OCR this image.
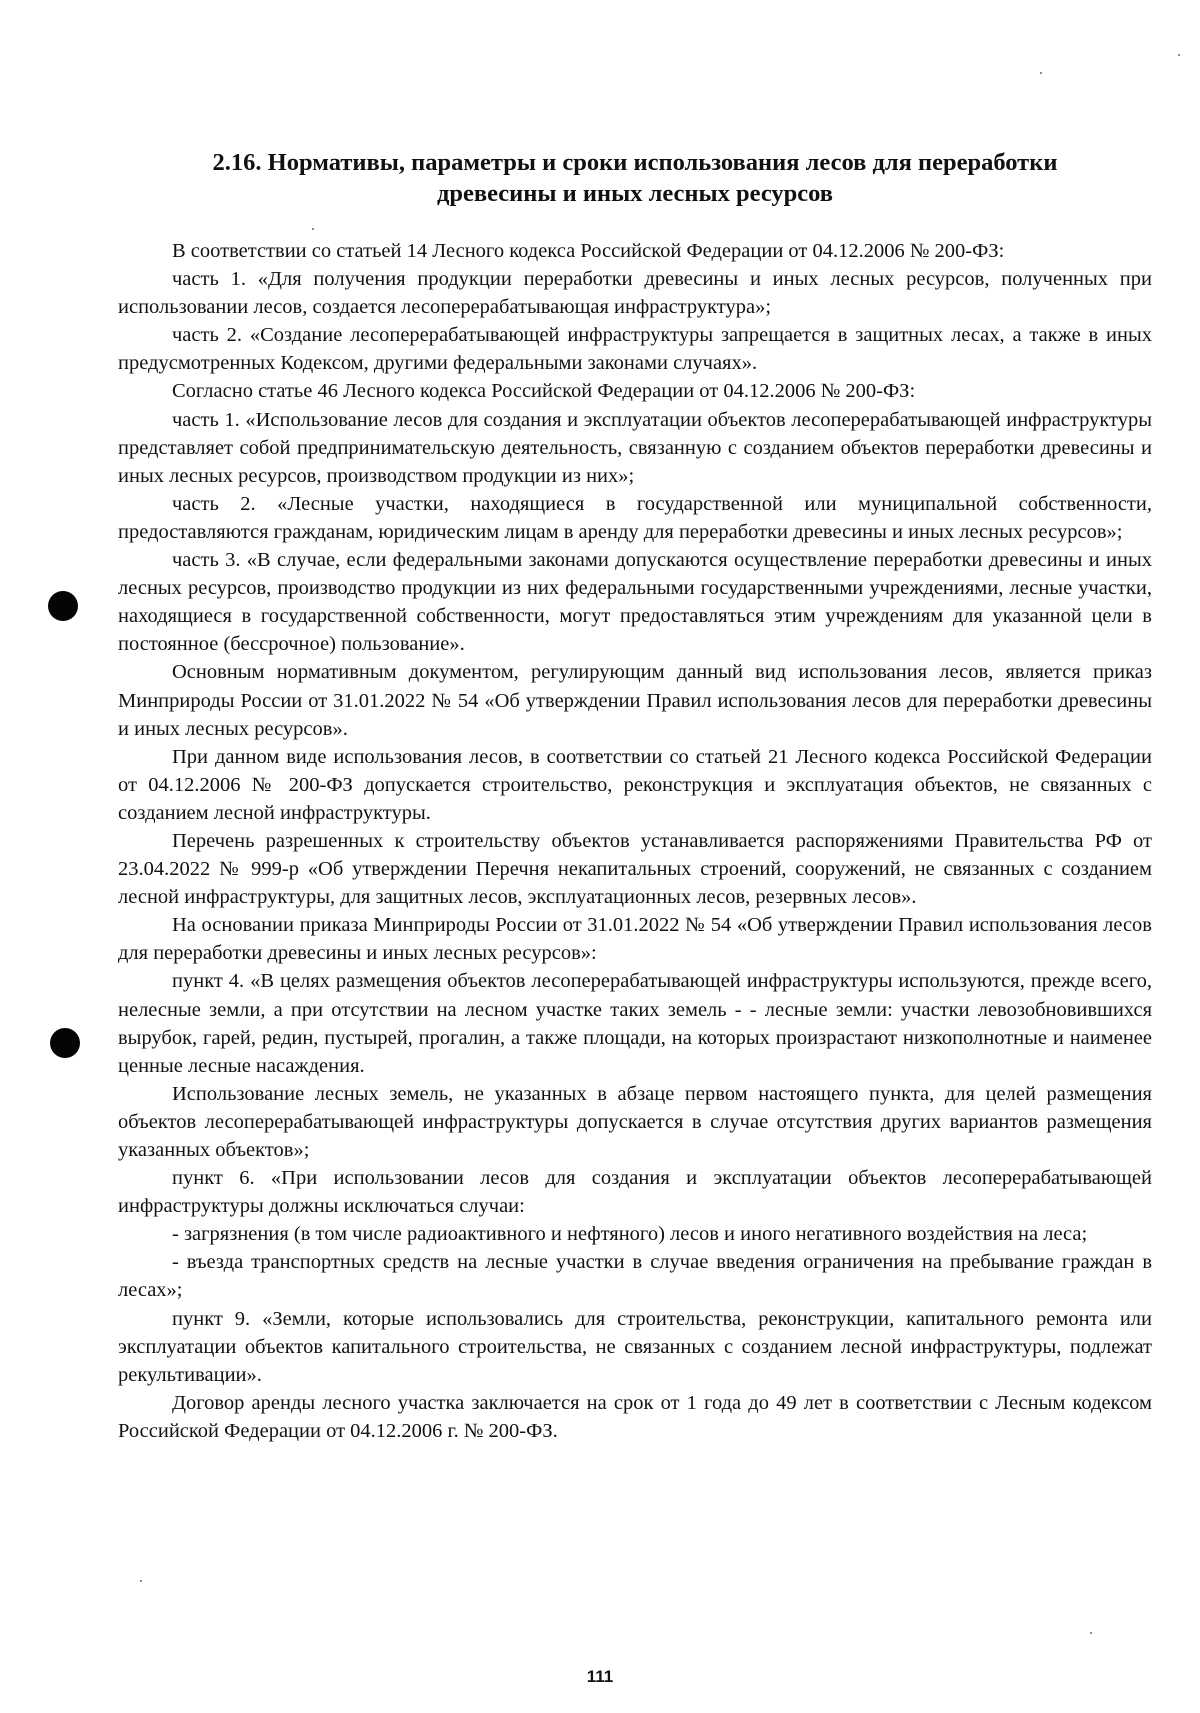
2.16. Нормативы, параметры и сроки использования лесов для переработки
древесины и иных лесных ресурсов

В соответствии со статьей 14 Лесного кодекса Российской Федерации от 04.12.2006 № 200-ФЗ:

часть 1. «Для получения продукции переработки древесины и иных лесных ресурсов, полученных при использовании лесов, создается лесоперерабатывающая инфраструктура»;

часть 2. «Создание лесоперерабатывающей инфраструктуры запрещается в защитных лесах, а также в иных предусмотренных Кодексом, другими федеральными законами случаях».

Согласно статье 46 Лесного кодекса Российской Федерации от 04.12.2006 № 200-ФЗ:

часть 1. «Использование лесов для создания и эксплуатации объектов лесоперерабатывающей инфраструктуры представляет собой предпринимательскую деятельность, связанную с созданием объектов переработки древесины и иных лесных ресурсов, производством продукции из них»;

часть 2. «Лесные участки, находящиеся в государственной или муниципальной собственности, предоставляются гражданам, юридическим лицам в аренду для переработки древесины и иных лесных ресурсов»;

часть 3. «В случае, если федеральными законами допускаются осуществление переработки древесины и иных лесных ресурсов, производство продукции из них федеральными государственными учреждениями, лесные участки, находящиеся в государственной собственности, могут предоставляться этим учреждениям для указанной цели в постоянное (бессрочное) пользование».

Основным нормативным документом, регулирующим данный вид использования лесов, является приказ Минприроды России от 31.01.2022 № 54 «Об утверждении Правил использования лесов для переработки древесины и иных лесных ресурсов».

При данном виде использования лесов, в соответствии со статьей 21 Лесного кодекса Российской Федерации от 04.12.2006 № 200-ФЗ допускается строительство, реконструкция и эксплуатация объектов, не связанных с созданием лесной инфраструктуры.

Перечень разрешенных к строительству объектов устанавливается распоряжениями Правительства РФ от 23.04.2022 № 999-р «Об утверждении Перечня некапитальных строений, сооружений, не связанных с созданием лесной инфраструктуры, для защитных лесов, эксплуатационных лесов, резервных лесов».

На основании приказа Минприроды России от 31.01.2022 № 54 «Об утверждении Правил использования лесов для переработки древесины и иных лесных ресурсов»:

пункт 4. «В целях размещения объектов лесоперерабатывающей инфраструктуры используются, прежде всего, нелесные земли, а при отсутствии на лесном участке таких земель - - лесные земли: участки левозобновившихся вырубок, гарей, редин, пустырей, прогалин, а также площади, на которых произрастают низкополнотные и наименее ценные лесные насаждения.

Использование лесных земель, не указанных в абзаце первом настоящего пункта, для целей размещения объектов лесоперерабатывающей инфраструктуры допускается в случае отсутствия других вариантов размещения указанных объектов»;

пункт 6. «При использовании лесов для создания и эксплуатации объектов лесоперерабатывающей инфраструктуры должны исключаться случаи:

- загрязнения (в том числе радиоактивного и нефтяного) лесов и иного негативного воздействия на леса;

- въезда транспортных средств на лесные участки в случае введения ограничения на пребывание граждан в лесах»;

пункт 9. «Земли, которые использовались для строительства, реконструкции, капитального ремонта или эксплуатации объектов капитального строительства, не связанных с созданием лесной инфраструктуры, подлежат рекультивации».

Договор аренды лесного участка заключается на срок от 1 года до 49 лет в соответствии с Лесным кодексом Российской Федерации от 04.12.2006 г. № 200-ФЗ.

111
